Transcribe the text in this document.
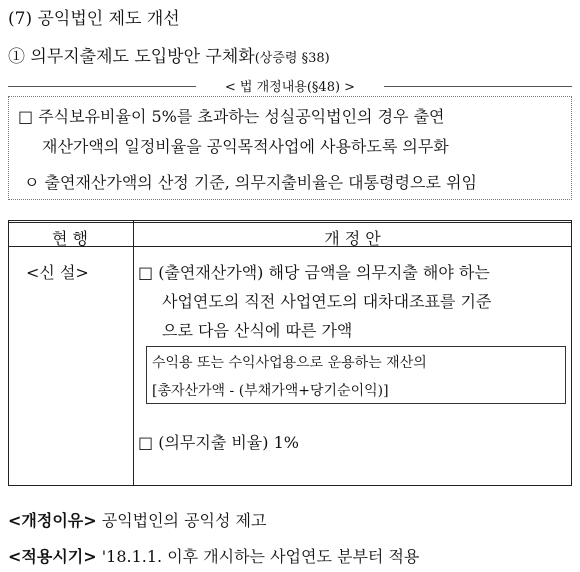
(7) 공익법인 제도 개선
① 의무지출제도 도입방안 구체화(상증령 §38)
< 법 개정내용(§48) >
□ 주식보유비율이 5%를 초과하는 성실공익법인의 경우 출연
재산가액의 일정비율을 공익목적사업에 사용하도록 의무화
ㅇ 출연재산가액의 산정 기준, 의무지출비율은 대통령령으로 위임
현 행	개 정 안
<신 설>	□ (출연재산가액) 해당 금액을 의무지출 해야 하는
사업연도의 직전 사업연도의 대차대조표를 기준
으로 다음 산식에 따른 가액
수익용 또는 수익사업용으로 운용하는 재산의
[총자산가액 - (부채가액+당기순이익)]
□ (의무지출 비율) 1%
<개정이유> 공익법인의 공익성 제고
<적용시기> '18.1.1. 이후 개시하는 사업연도 분부터 적용
